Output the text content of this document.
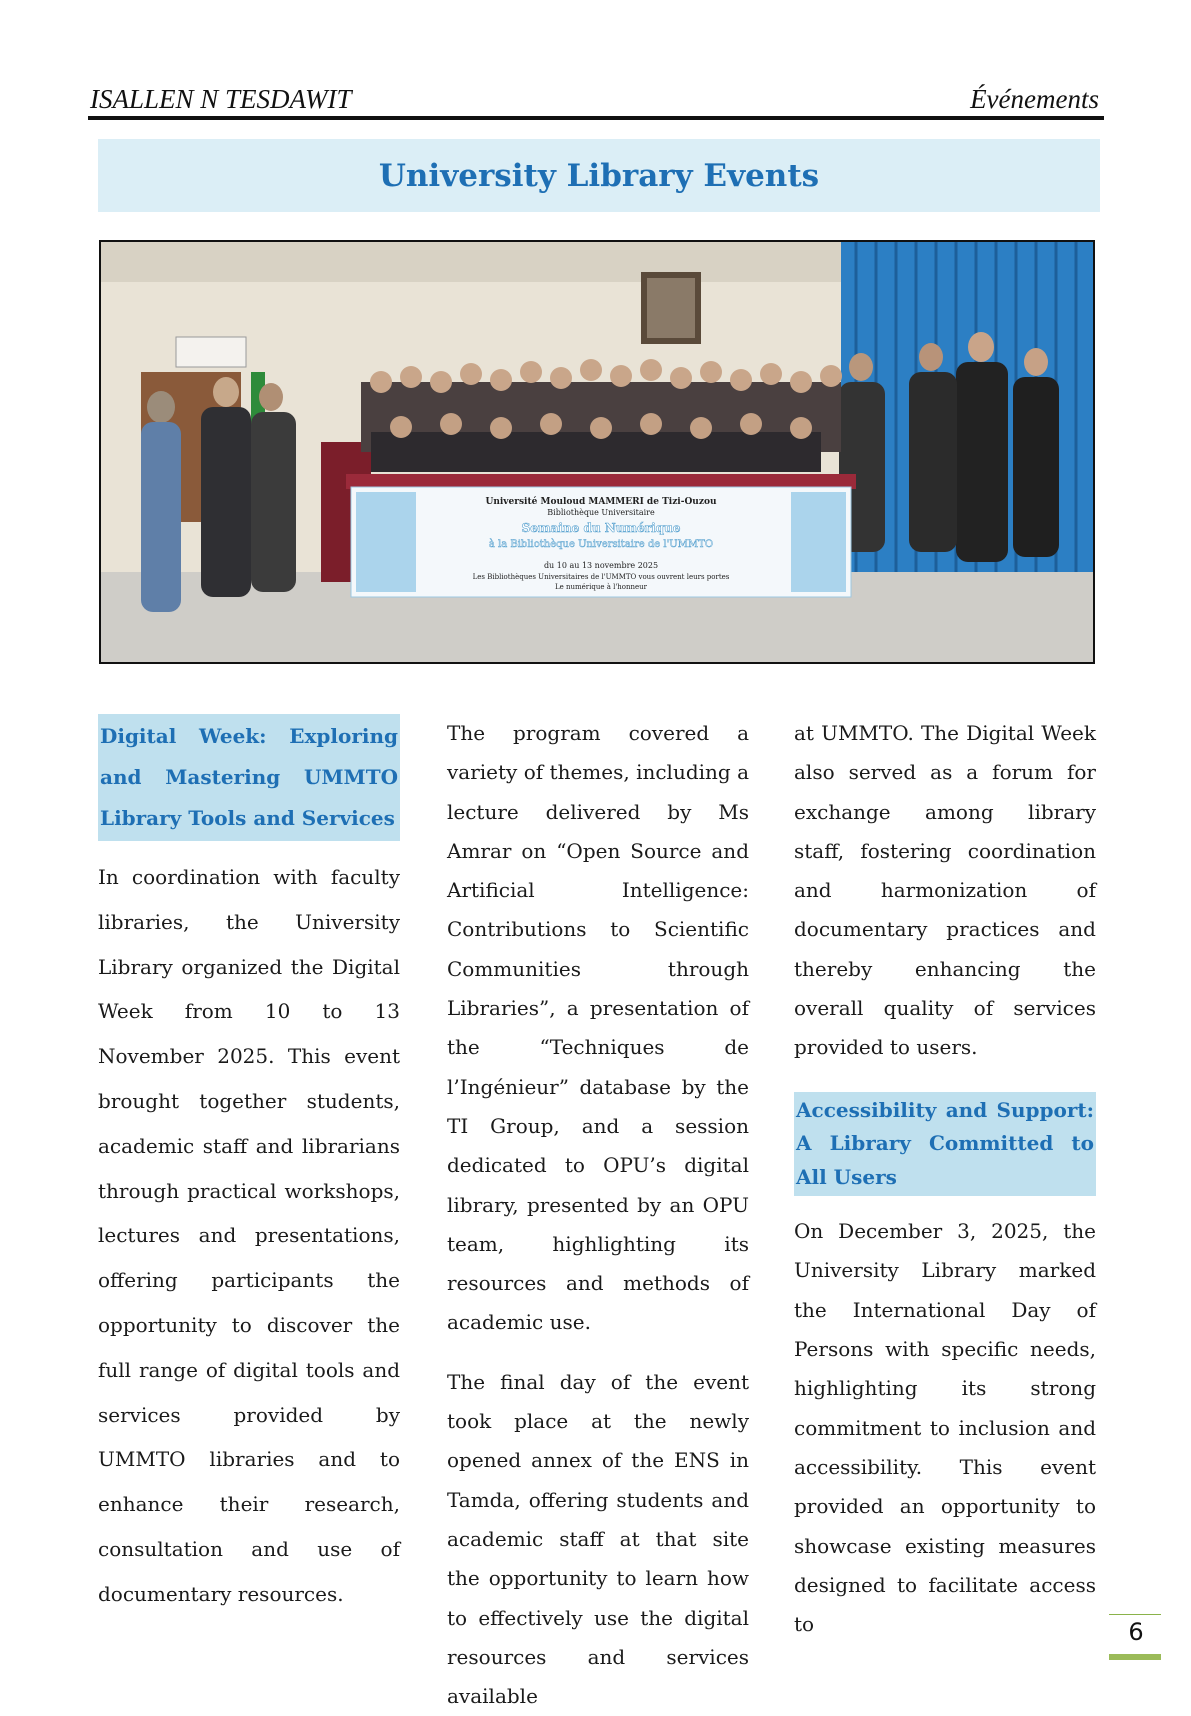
ISALLEN N TESDAWIT	Événements
University Library Events
Université Mouloud MAMMERI de Tizi-Ouzou
Bibliothèque Universitaire
Semaine du Numérique
à la Bibliothèque Universitaire de l'UMMTO
du 10 au 13 novembre 2025
Les Bibliothèques Universitaires de l'UMMTO vous ouvrent leurs portes
Le numérique à l'honneur
Digital Week: Exploring and Mastering UMMTO Library Tools and Services

In coordination with faculty libraries, the University Library organized the Digital Week from 10 to 13 November 2025. This event brought together students, academic staff and librarians through practical workshops, lectures and presentations, offering participants the opportunity to discover the full range of digital tools and services provided by UMMTO libraries and to enhance their research, consultation and use of documentary resources.

The program covered a variety of themes, including a lecture delivered by Ms Amrar on “Open Source and Artificial Intelligence: Contributions to Scientific Communities through Libraries”, a presentation of the “Techniques de l’Ingénieur” database by the TI Group, and a session dedicated to OPU’s digital library, presented by an OPU team, highlighting its resources and methods of academic use.

The final day of the event took place at the newly opened annex of the ENS in Tamda, offering students and academic staff at that site the opportunity to learn how to effectively use the digital resources and services available

at UMMTO. The Digital Week also served as a forum for exchange among library staff, fostering coordination and harmonization of documentary practices and thereby enhancing the overall quality of services provided to users.

Accessibility and Support: A Library Committed to All Users

On December 3, 2025, the University Library marked the International Day of Persons with specific needs, highlighting its strong commitment to inclusion and accessibility. This event provided an opportunity to showcase existing measures designed to facilitate access to	6
